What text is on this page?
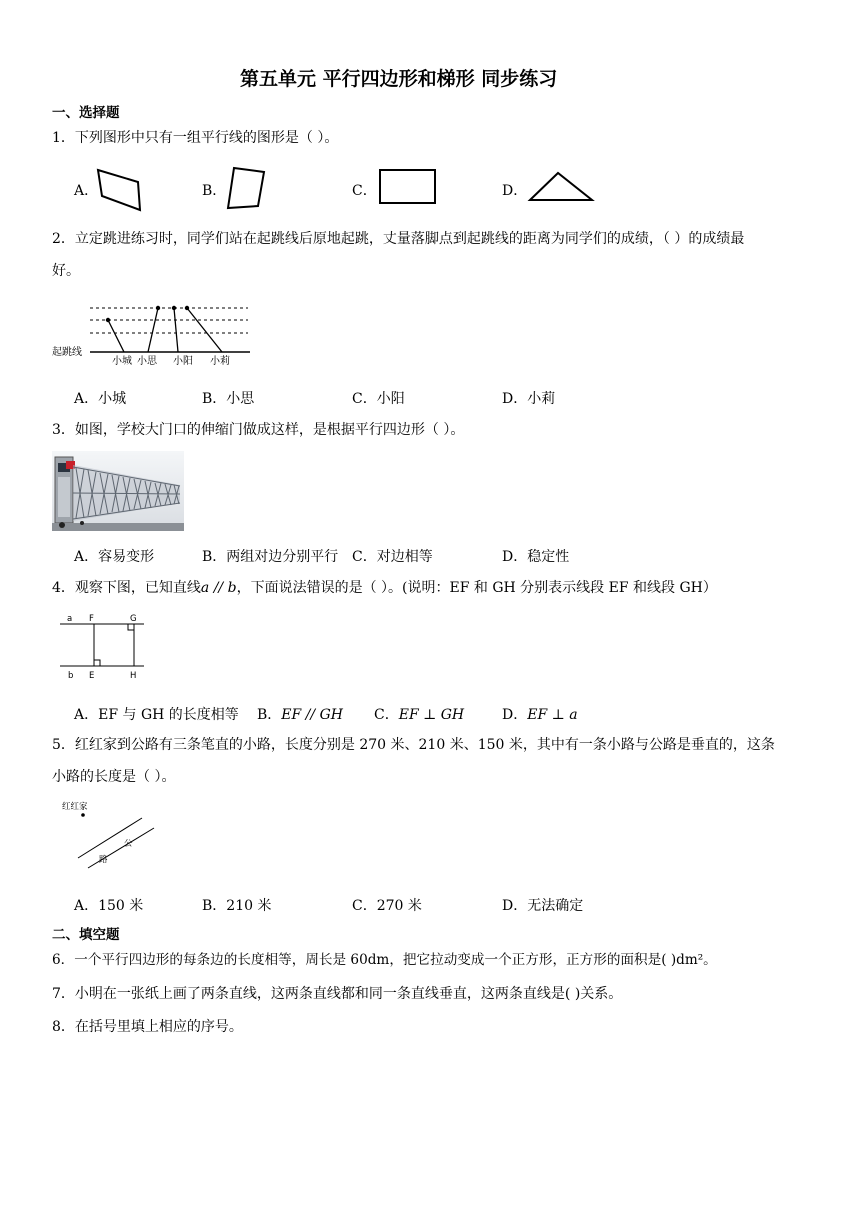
第五单元 平行四边形和梯形 同步练习
一、选择题
1．下列图形中只有一组平行线的图形是（ ）。
A．	B．	C．	D．
2．立定跳进练习时，同学们站在起跳线后原地起跳，丈量落脚点到起跳线的距离为同学们的成绩，（ ）的成绩最
好。
起跳线
小城 小思 小阳 小莉
A．小城	B．小思	C．小阳	D．小莉
3．如图，学校大门口的伸缩门做成这样，是根据平行四边形（ ）。
A．容易变形	B．两组对边分别平行 C．对边相等	D．稳定性
4．观察下图，已知直线a // b，下面说法错误的是（ ）。(说明：EF 和 GH 分别表示线段 EF 和线段 GH）
a F	G
b E	H
A．EF 与 GH 的长度相等 B．EF // GH C．EF ⊥ GH	D．EF ⊥ a
5．红红家到公路有三条笔直的小路，长度分别是 270 米、210 米、150 米，其中有一条小路与公路是垂直的，这条
小路的长度是（ ）。
红红家
公
路
A．150 米	B．210 米	C．270 米	D．无法确定
二、填空题
6．一个平行四边形的每条边的长度相等，周长是 60dm，把它拉动变成一个正方形，正方形的面积是( )dm²。
7．小明在一张纸上画了两条直线，这两条直线都和同一条直线垂直，这两条直线是( )关系。
8．在括号里填上相应的序号。
